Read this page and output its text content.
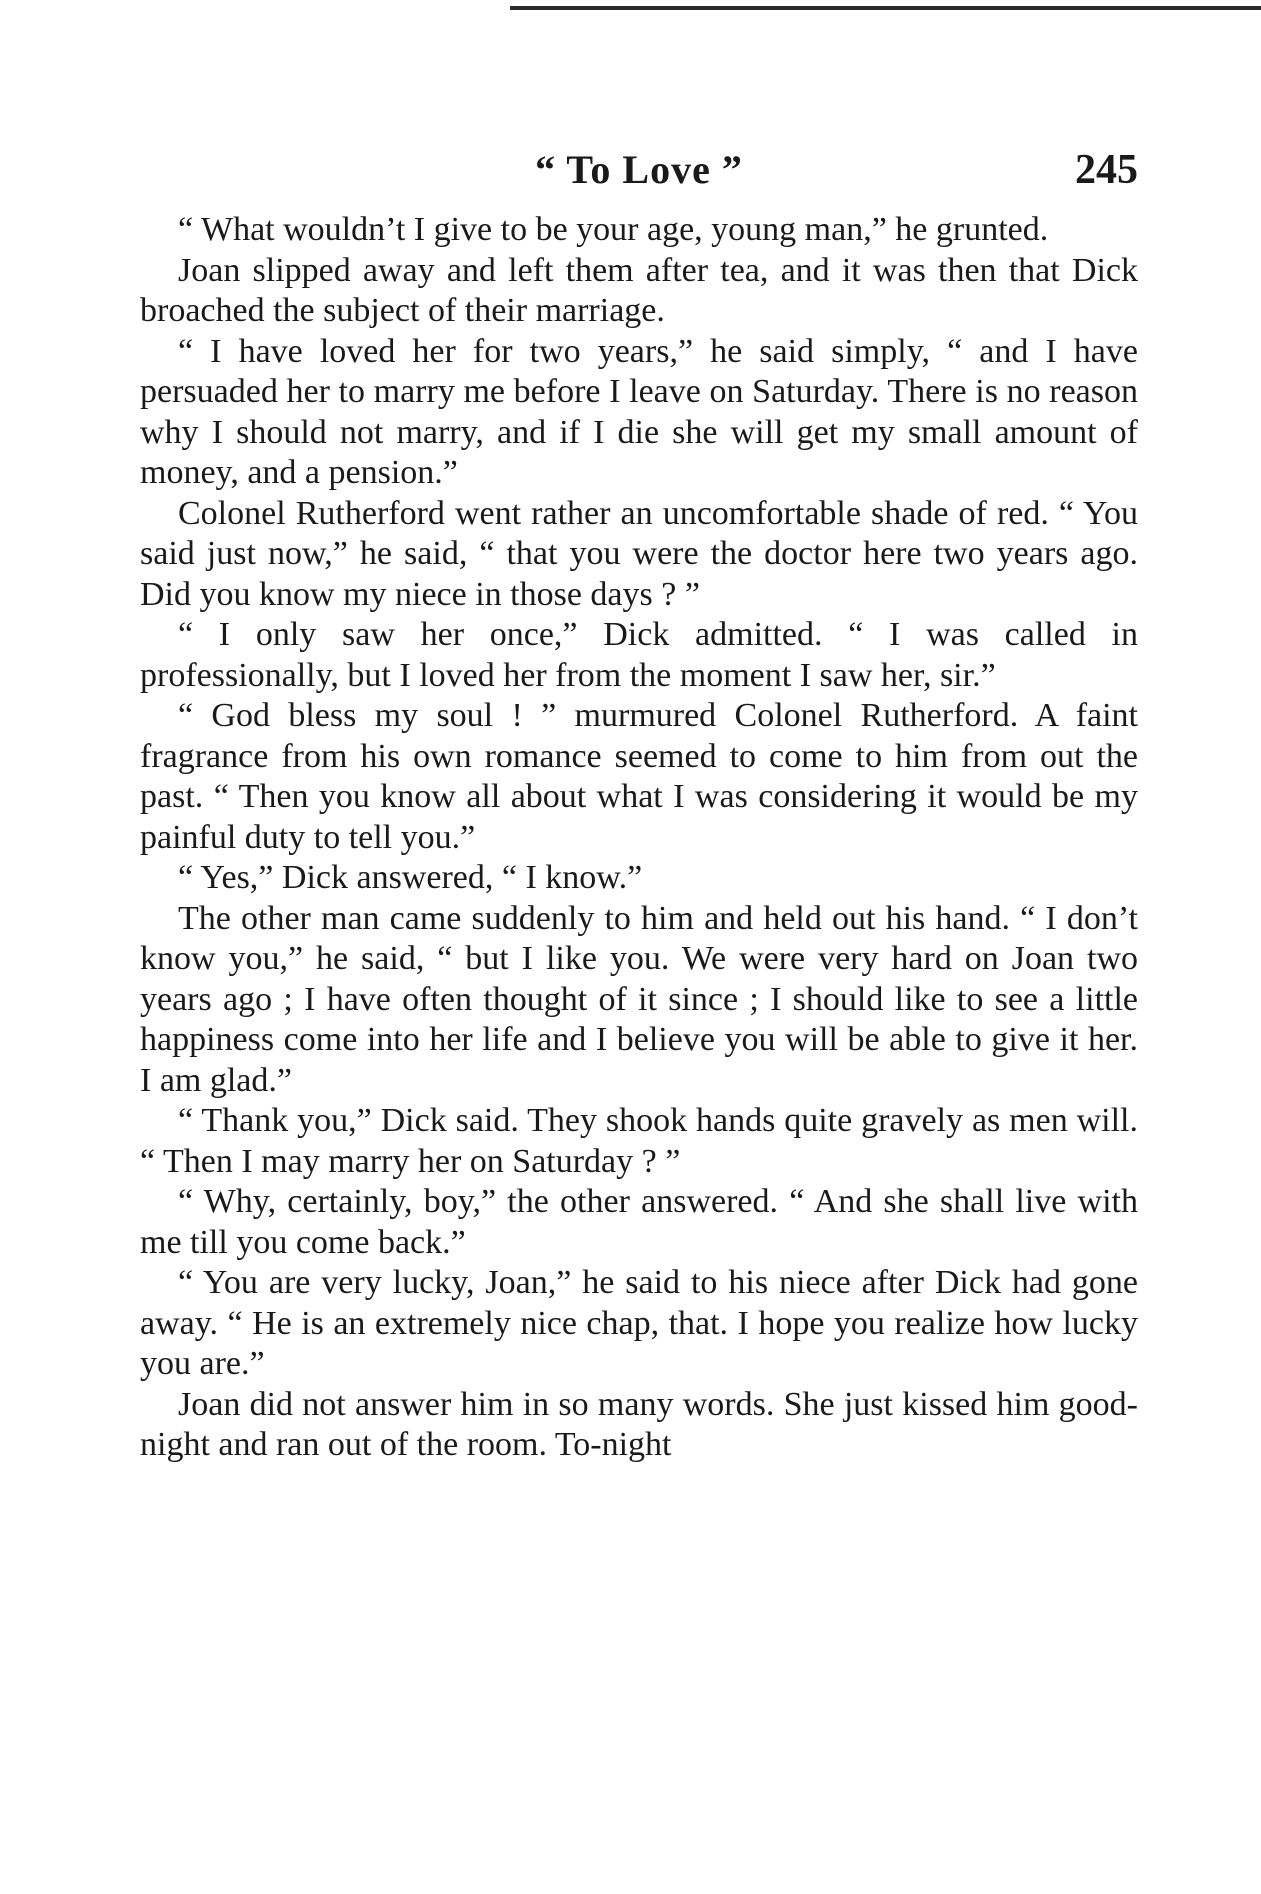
“ To Love ”	245

“ What wouldn’t I give to be your age, young man,” he grunted.

Joan slipped away and left them after tea, and it was then that Dick broached the subject of their marriage.

“ I have loved her for two years,” he said simply, “ and I have persuaded her to marry me before I leave on Saturday. There is no reason why I should not marry, and if I die she will get my small amount of money, and a pension.”

Colonel Rutherford went rather an uncomfortable shade of red. “ You said just now,” he said, “ that you were the doctor here two years ago. Did you know my niece in those days ? ”

“ I only saw her once,” Dick admitted. “ I was called in professionally, but I loved her from the moment I saw her, sir.”

“ God bless my soul ! ” murmured Colonel Rutherford. A faint fragrance from his own romance seemed to come to him from out the past. “ Then you know all about what I was considering it would be my painful duty to tell you.”

“ Yes,” Dick answered, “ I know.”

The other man came suddenly to him and held out his hand. “ I don’t know you,” he said, “ but I like you. We were very hard on Joan two years ago ; I have often thought of it since ; I should like to see a little happiness come into her life and I believe you will be able to give it her. I am glad.”

“ Thank you,” Dick said. They shook hands quite gravely as men will. “ Then I may marry her on Saturday ? ”

“ Why, certainly, boy,” the other answered. “ And she shall live with me till you come back.”

“ You are very lucky, Joan,” he said to his niece after Dick had gone away. “ He is an extremely nice chap, that. I hope you realize how lucky you are.”

Joan did not answer him in so many words. She just kissed him good-night and ran out of the room. To-night
